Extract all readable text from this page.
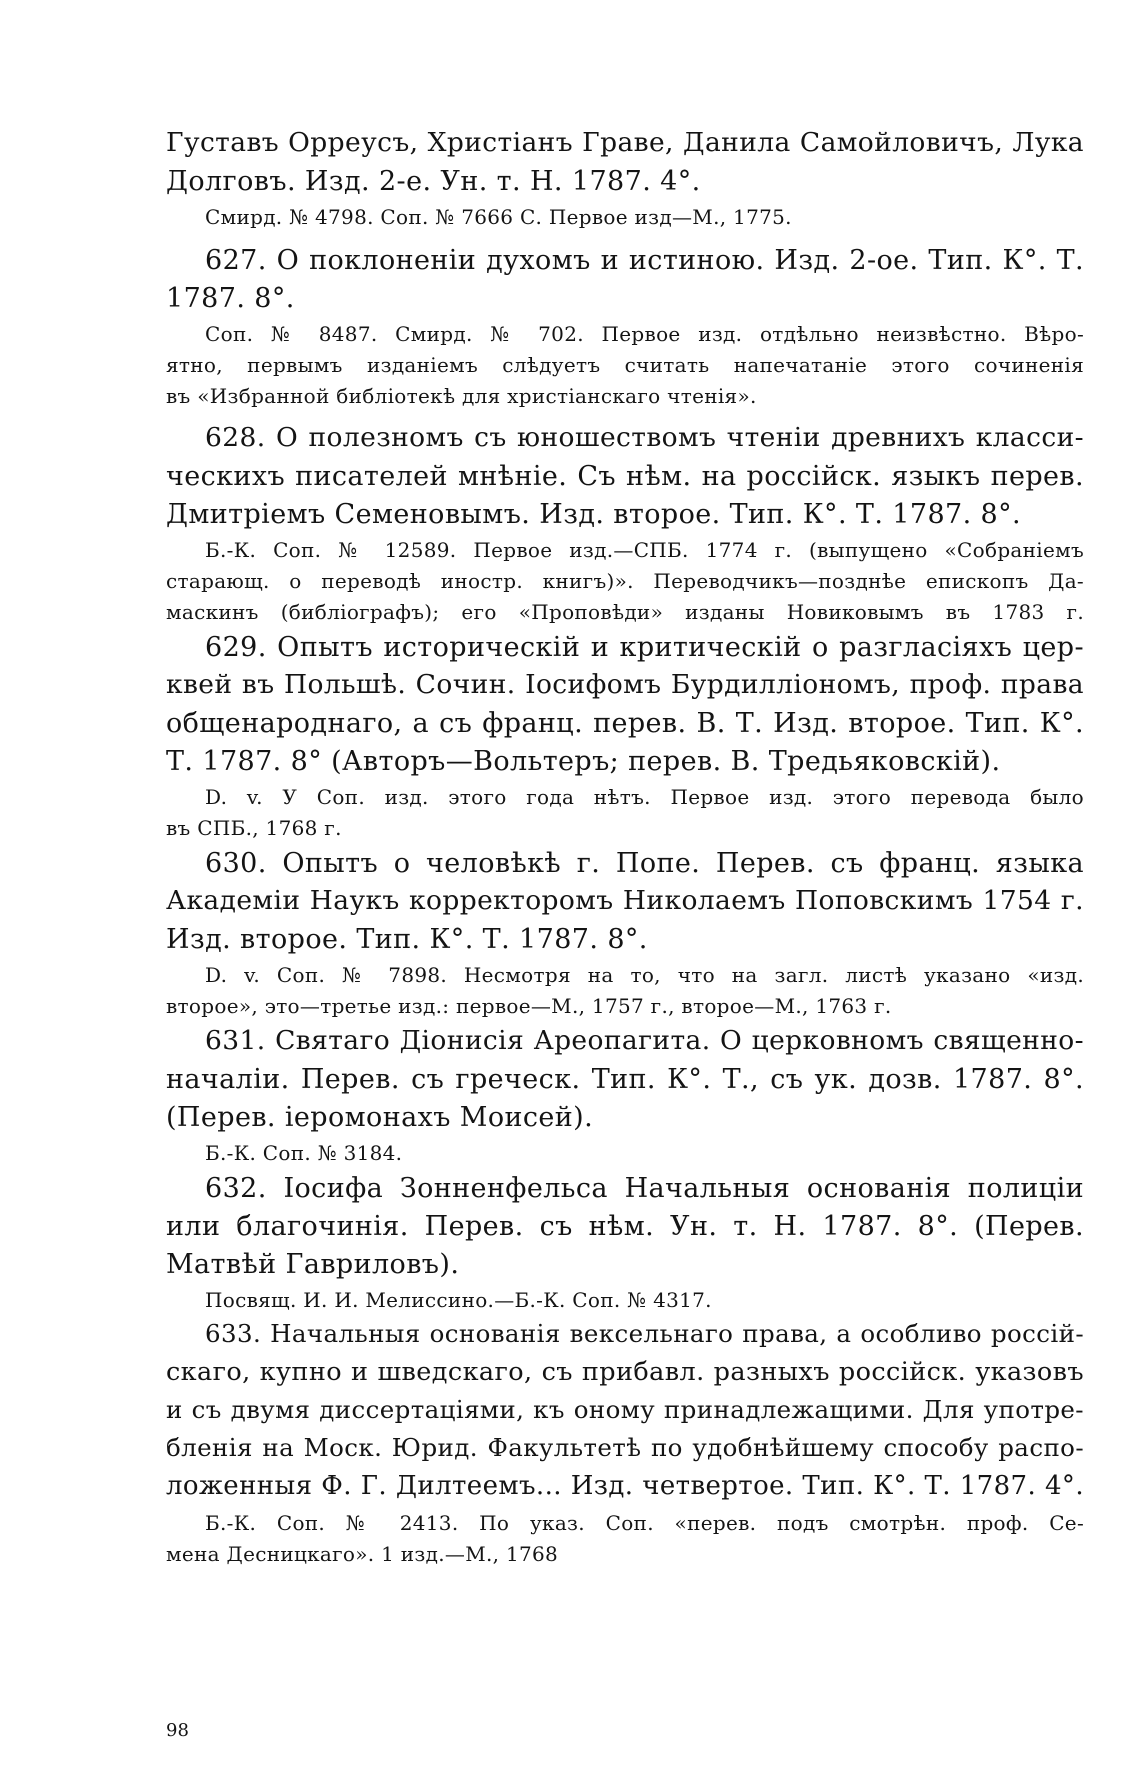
Густавъ Орреусъ, Христіанъ Граве, Данила Самойловичъ, Лука
Долговъ. Изд. 2-е. Ун. т. Н. 1787. 4°.
Смирд. № 4798. Соп. № 7666 С. Первое изд—М., 1775.
627. О поклоненіи духомъ и истиною. Изд. 2-ое. Тип. К°. Т.
1787. 8°.
Соп. № 8487. Смирд. № 702. Первое изд. отдѣльно неизвѣстно. Вѣро-
ятно, первымъ изданіемъ слѣдуетъ считать напечатаніе этого сочиненія
въ «Избранной библіотекѣ для христіанскаго чтенія».
628. О полезномъ съ юношествомъ чтеніи древнихъ класси-
ческихъ писателей мнѣніе. Съ нѣм. на россійск. языкъ перев.
Дмитріемъ Семеновымъ. Изд. второе. Тип. К°. Т. 1787. 8°.
Б.-К. Соп. № 12589. Первое изд.—СПБ. 1774 г. (выпущено «Собраніемъ
старающ. о переводѣ иностр. книгъ)». Переводчикъ—позднѣе епископъ Да-
маскинъ (библіографъ); его «Проповѣди» изданы Новиковымъ въ 1783 г.
629. Опытъ историческій и критическій о разгласіяхъ цер-
квей въ Польшѣ. Сочин. Іосифомъ Бурдиллiономъ, проф. права
общенароднаго, а съ франц. перев. В. Т. Изд. второе. Тип. К°.
Т. 1787. 8° (Авторъ—Вольтеръ; перев. В. Тредьяковскій).
D. v. У Соп. изд. этого года нѣтъ. Первое изд. этого перевода было
въ СПБ., 1768 г.
630. Опытъ о человѣкѣ г. Попе. Перев. съ франц. языка
Академіи Наукъ корректоромъ Николаемъ Поповскимъ 1754 г.
Изд. второе. Тип. К°. Т. 1787. 8°.
D. v. Соп. № 7898. Несмотря на то, что на загл. листѣ указано «изд.
второе», это—третье изд.: первое—М., 1757 г., второе—М., 1763 г.
631. Святаго Діонисія Ареопагита. О церковномъ священно-
началіи. Перев. съ греческ. Тип. К°. Т., съ ук. дозв. 1787. 8°.
(Перев. іеромонахъ Моисей).
Б.-К. Соп. № 3184.
632. Іосифа Зонненфельса Начальныя основанія полиціи
или благочинія. Перев. съ нѣм. Ун. т. Н. 1787. 8°. (Перев.
Матвѣй Гавриловъ).
Посвящ. И. И. Мелиссино.—Б.-К. Соп. № 4317.
633. Начальныя основанія вексельнаго права, а особливо россій-
скаго, купно и шведскаго, съ прибавл. разныхъ россійск. указовъ
и съ двумя диссертаціями, къ оному принадлежащими. Для употре-
бленія на Моск. Юрид. Факультетѣ по удобнѣйшему способу распо-
ложенныя Ф. Г. Дилтеемъ... Изд. четвертое. Тип. К°. Т. 1787. 4°.
Б.-К. Соп. № 2413. По указ. Соп. «перев. подъ смотрѣн. проф. Се-
мена Десницкаго». 1 изд.—М., 1768
98
